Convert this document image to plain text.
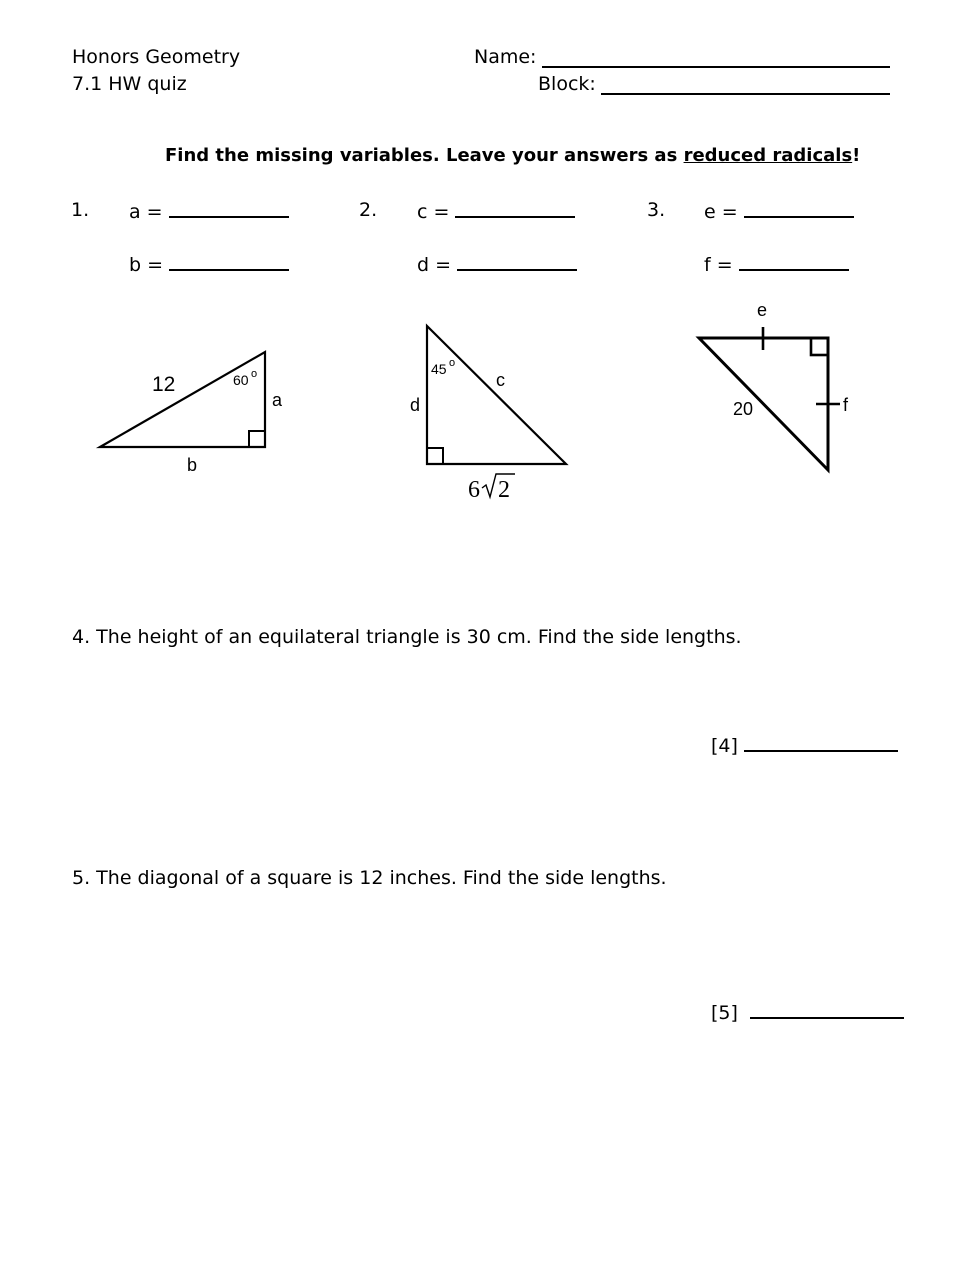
Honors Geometry
7.1 HW quiz
Name:
Block:
Find the missing variables. Leave your answers as reduced radicals!
1. a =
b =
2. c =
d =
3. e =
f =
12	60 o
a
b
45 o
c
d
6 2
e
20	f
4. The height of an equilateral triangle is 30 cm. Find the side lengths.
[4]
5. The diagonal of a square is 12 inches. Find the side lengths.
[5]
